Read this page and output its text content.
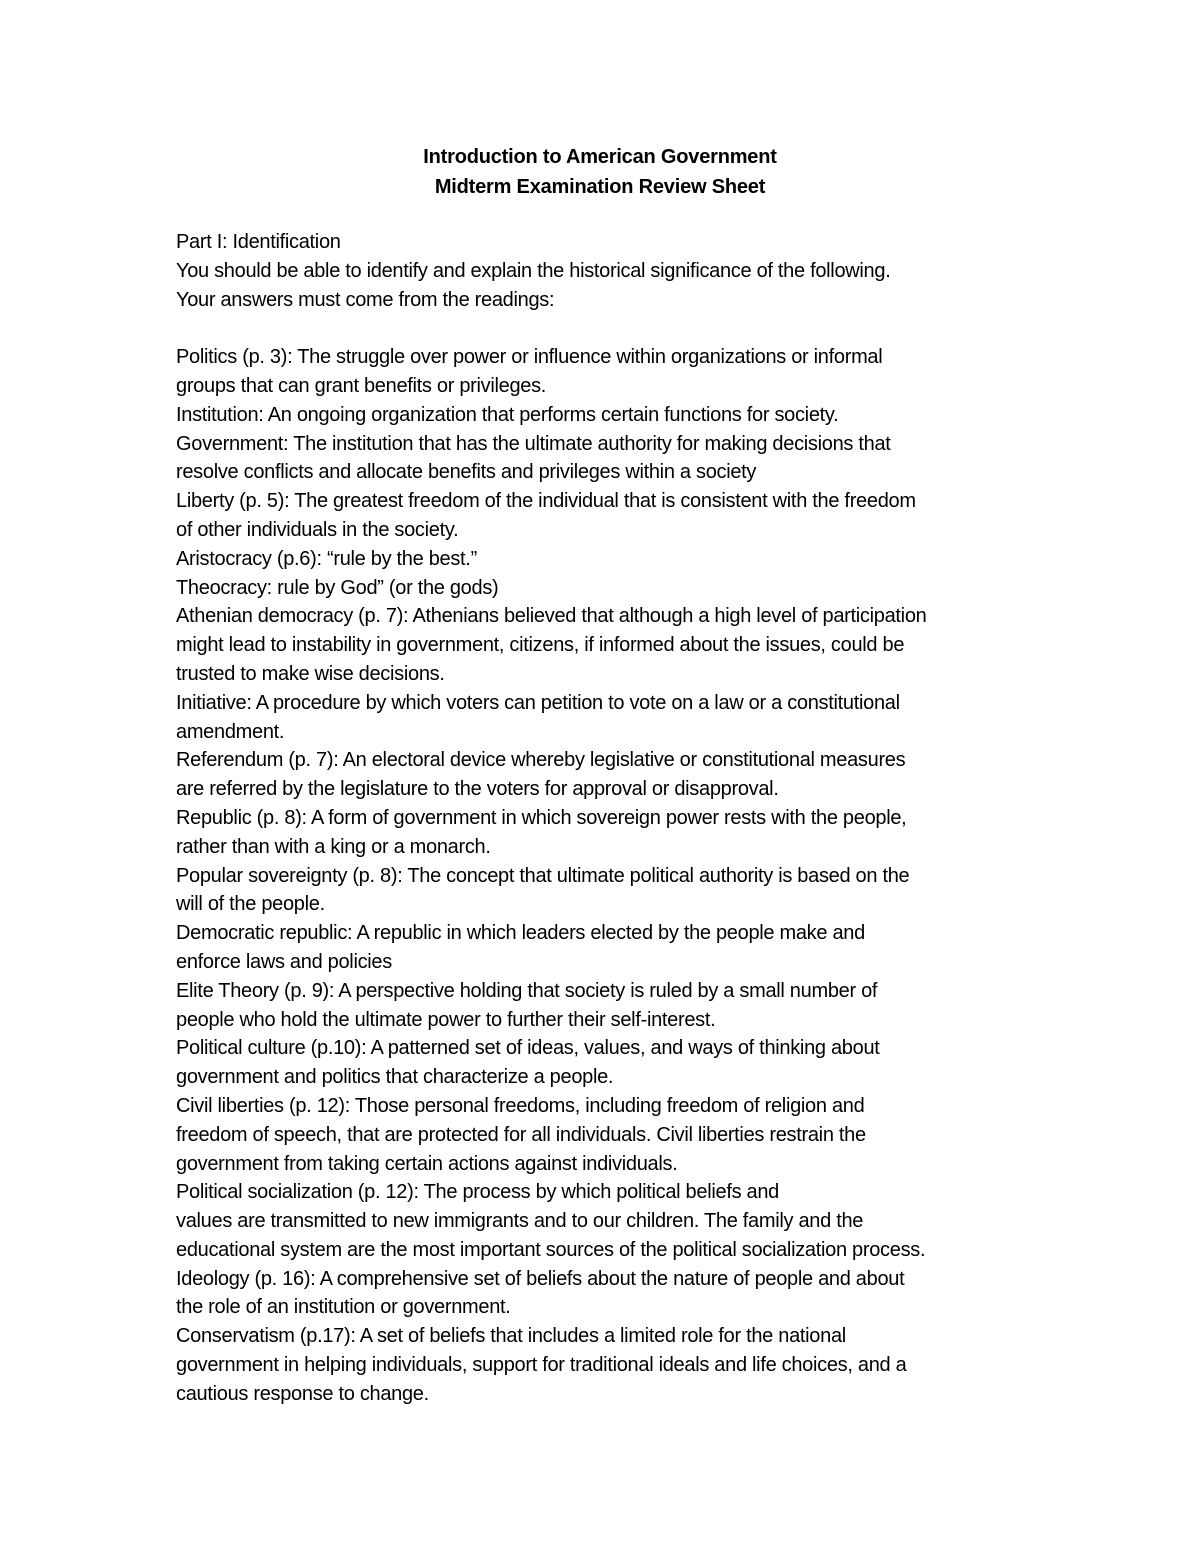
Introduction to American Government
Midterm Examination Review Sheet
Part I: Identification
You should be able to identify and explain the historical significance of the following.
Your answers must come from the readings:
Politics (p. 3): The struggle over power or influence within organizations or informal
groups that can grant benefits or privileges.
Institution: An ongoing organization that performs certain functions for society.
Government: The institution that has the ultimate authority for making decisions that
resolve conflicts and allocate benefits and privileges within a society
Liberty (p. 5): The greatest freedom of the individual that is consistent with the freedom
of other individuals in the society.
Aristocracy (p.6): “rule by the best.”
Theocracy: rule by God” (or the gods)
Athenian democracy (p. 7): Athenians believed that although a high level of participation
might lead to instability in government, citizens, if informed about the issues, could be
trusted to make wise decisions.
Initiative: A procedure by which voters can petition to vote on a law or a constitutional
amendment.
Referendum (p. 7): An electoral device whereby legislative or constitutional measures
are referred by the legislature to the voters for approval or disapproval.
Republic (p. 8): A form of government in which sovereign power rests with the people,
rather than with a king or a monarch.
Popular sovereignty (p. 8): The concept that ultimate political authority is based on the
will of the people.
Democratic republic: A republic in which leaders elected by the people make and
enforce laws and policies
Elite Theory (p. 9): A perspective holding that society is ruled by a small number of
people who hold the ultimate power to further their self-interest.
Political culture (p.10): A patterned set of ideas, values, and ways of thinking about
government and politics that characterize a people.
Civil liberties (p. 12): Those personal freedoms, including freedom of religion and
freedom of speech, that are protected for all individuals. Civil liberties restrain the
government from taking certain actions against individuals.
Political socialization (p. 12): The process by which political beliefs and
values are transmitted to new immigrants and to our children. The family and the
educational system are the most important sources of the political socialization process.
Ideology (p. 16): A comprehensive set of beliefs about the nature of people and about
the role of an institution or government.
Conservatism (p.17): A set of beliefs that includes a limited role for the national
government in helping individuals, support for traditional ideals and life choices, and a
cautious response to change.
